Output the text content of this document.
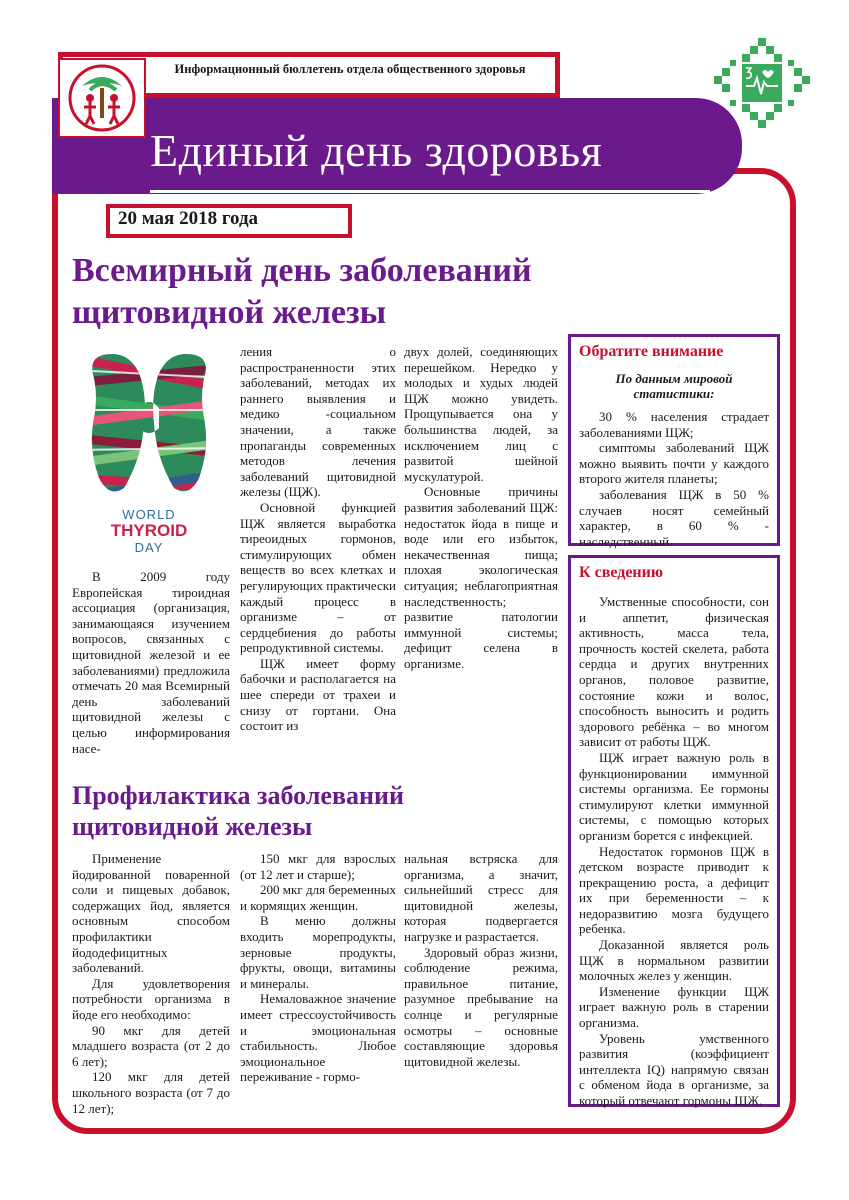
Единый день здоровья
Информационный бюллетень отдела общественного здоровья
20 мая 2018 года
Всемирный день заболеваний щитовидной железы
WORLD
THYROID
DAY

В 2009 году Европейская тироидная ассоциация (организация, занимающаяся изучением вопросов, связанных с щитовидной железой и ее заболеваниями) предложила отмечать 20 мая Всемирный день заболеваний щитовидной железы с целью информирования насе-

ления о распространенности этих заболеваний, методах их раннего выявления и медико -социальном значении, а также пропаганды современных методов лечения заболеваний щитовидной железы (ЩЖ).

Основной функцией ЩЖ является выработка тиреоидных гормонов, стимулирующих обмен веществ во всех клетках и регулирующих практически каждый процесс в организме – от сердцебиения до работы репродуктивной системы.

ЩЖ имеет форму бабочки и располагается на шее спереди от трахеи и снизу от гортани. Она состоит из

двух долей, соединяющих перешейком. Нередко у молодых и худых людей ЩЖ можно увидеть. Прощупывается она у большинства людей, за исключением лиц с развитой шейной мускулатурой.

Основные причины развития заболеваний ЩЖ: недостаток йода в пище и воде или его избыток, некачественная пища; плохая экологическая ситуация; неблагоприятная наследственность; развитие патологии иммунной системы; дефицит селена в организме.

Обратите внимание
По данным мировой статистики:

30 % населения страдает заболеваниями ЩЖ;

симптомы заболеваний ЩЖ можно выявить почти у каждого второго жителя планеты;

заболевания ЩЖ в 50 % случаев носят семейный характер, в 60 % - наследственный.

К сведению

Умственные способности, сон и аппетит, физическая активность, масса тела, прочность костей скелета, работа сердца и других внутренних органов, половое развитие, состояние кожи и волос, способность выносить и родить здорового ребёнка – во многом зависит от работы ЩЖ.

ЩЖ играет важную роль в функционировании иммунной системы организма. Ее гормоны стимулируют клетки иммунной системы, с помощью которых организм борется с инфекцией.

Недостаток гормонов ЩЖ в детском возрасте приводит к прекращению роста, а дефицит их при беременности – к недоразвитию мозга будущего ребенка.

Доказанной является роль ЩЖ в нормальном развитии молочных желез у женщин.

Изменение функции ЩЖ играет важную роль в старении организма.

Уровень умственного развития (коэффициент интеллекта IQ) напрямую связан с обменом йода в организме, за который отвечают гормоны ШЖ.

Профилактика заболеваний щитовидной железы

Применение йодированной поваренной соли и пищевых добавок, содержащих йод, является основным способом профилактики йододефицитных заболеваний.

Для удовлетворения потребности организма в йоде его необходимо:

90 мкг для детей младшего возраста (от 2 до 6 лет);

120 мкг для детей школьного возраста (от 7 до 12 лет);

150 мкг для взрослых (от 12 лет и старше);

200 мкг для беременных и кормящих женщин.

В меню должны входить морепродукты, зерновые продукты, фрукты, овощи, витамины и минералы.

Немаловажное значение имеет стрессоустойчивость и эмоциональная стабильность. Любое эмоциональное переживание - гормо-

нальная встряска для организма, а значит, сильнейший стресс для щитовидной железы, которая подвергается нагрузке и разрастается.

Здоровый образ жизни, соблюдение режима, правильное питание, разумное пребывание на солнце и регулярные осмотры – основные составляющие здоровья щитовидной железы.
